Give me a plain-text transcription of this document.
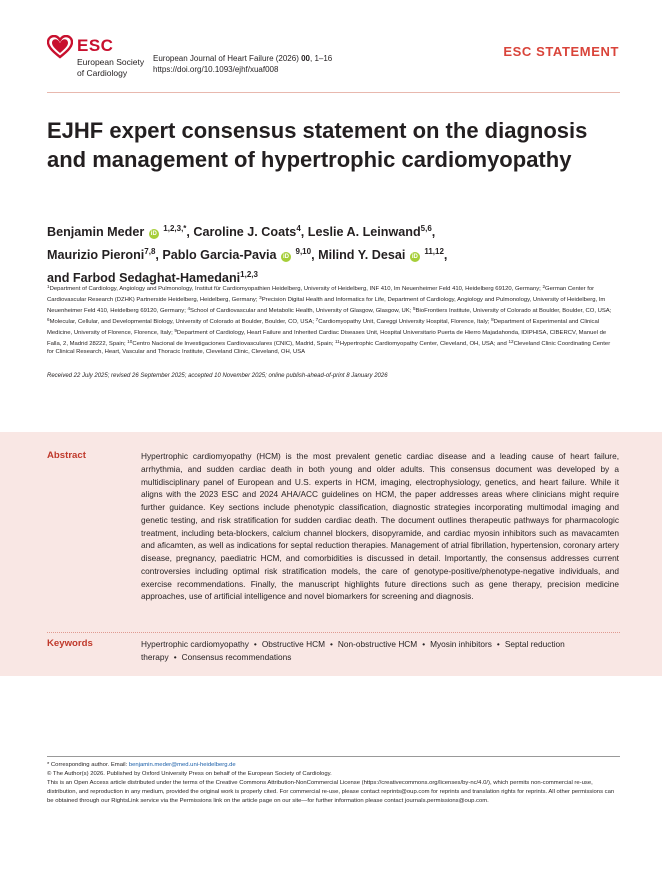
ESC
European Society
of Cardiology
European Journal of Heart Failure (2026) 00, 1–16
https://doi.org/10.1093/ejhf/xuaf008
ESC STATEMENT
EJHF expert consensus statement on the diagnosis and management of hypertrophic cardiomyopathy
Benjamin Meder iD $^{1,2,3,*}$, Caroline J. Coats$^4$, Leslie A. Leinwand$^{5,6}$,
Maurizio Pieroni$^{7,8}$, Pablo Garcia-Pavia iD $^{9,10}$, Milind Y. Desai iD $^{11,12}$,
and Farbod Sedaghat-Hamedani$^{1,2,3}$
$^1$Department of Cardiology, Angiology and Pulmonology, Institut für Cardiomyopathien Heidelberg, University of Heidelberg, INF 410, Im Neuenheimer Feld 410, Heidelberg 69120, Germany; $^2$German Center for Cardiovascular Research (DZHK) Partnerside Heidelberg, Heidelberg, Germany; $^3$Precision Digital Health and Informatics for Life, Department of Cardiology, Angiology and Pulmonology, University of Heidelberg, Im Neuenheimer Feld 410, Heidelberg 69120, Germany; $^4$School of Cardiovascular and Metabolic Health, University of Glasgow, Glasgow, UK; $^5$BioFrontiers Institute, University of Colorado at Boulder, Boulder, CO, USA; $^6$Molecular, Cellular, and Developmental Biology, University of Colorado at Boulder, Boulder, CO, USA; $^7$Cardiomyopathy Unit, Careggi University Hospital, Florence, Italy; $^8$Department of Experimental and Clinical Medicine, University of Florence, Florence, Italy; $^9$Department of Cardiology, Heart Failure and Inherited Cardiac Diseases Unit, Hospital Universitario Puerta de Hierro Majadahonda, IDIPHISA, CIBERCV, Manuel de Falla, 2, Madrid 28222, Spain; $^{10}$Centro Nacional de Investigaciones Cardiovasculares (CNIC), Madrid, Spain; $^{11}$Hypertrophic Cardiomyopathy Center, Cleveland, OH, USA; and $^{12}$Cleveland Clinic Coordinating Center for Clinical Research, Heart, Vascular and Thoracic Institute, Cleveland Clinic, Cleveland, OH, USA
Received 22 July 2025; revised 26 September 2025; accepted 10 November 2025; online publish-ahead-of-print 8 January 2026
Abstract	Hypertrophic cardiomyopathy (HCM) is the most prevalent genetic cardiac disease and a leading cause of heart failure, arrhythmia, and sudden cardiac death in both young and older adults. This consensus document was developed by a multidisciplinary panel of European and U.S. experts in HCM, imaging, electrophysiology, genetics, and heart failure. While it aligns with the 2023 ESC and 2024 AHA/ACC guidelines on HCM, the paper addresses areas where clinicians might require further guidance. Key sections include phenotypic classification, diagnostic strategies incorporating multimodal imaging and genetic testing, and risk stratification for sudden cardiac death. The document outlines therapeutic pathways for pharmacologic treatment, including beta-blockers, calcium channel blockers, disopyramide, and cardiac myosin inhibitors such as mavacamten and aficamten, as well as indications for septal reduction therapies. Management of atrial fibrillation, hypertension, coronary artery disease, pregnancy, paediatric HCM, and comorbidities is discussed in detail. Importantly, the consensus addresses current controversies including optimal risk stratification models, the care of genotype-positive/phenotype-negative individuals, and exercise recommendations. Finally, the manuscript highlights future directions such as gene therapy, precision medicine approaches, use of artificial intelligence and novel biomarkers for screening and diagnosis.

Keywords	Hypertrophic cardiomyopathy • Obstructive HCM • Non-obstructive HCM • Myosin inhibitors • Septal reduction therapy • Consensus recommendations
* Corresponding author. Email: benjamin.meder@med.uni-heidelberg.de
© The Author(s) 2026. Published by Oxford University Press on behalf of the European Society of Cardiology.
This is an Open Access article distributed under the terms of the Creative Commons Attribution-NonCommercial License (https://creativecommons.org/licenses/by-nc/4.0/), which permits non-commercial re-use, distribution, and reproduction in any medium, provided the original work is properly cited. For commercial re-use, please contact reprints@oup.com for reprints and translation rights for reprints. All other permissions can be obtained through our RightsLink service via the Permissions link on the article page on our site—for further information please contact journals.permissions@oup.com.
